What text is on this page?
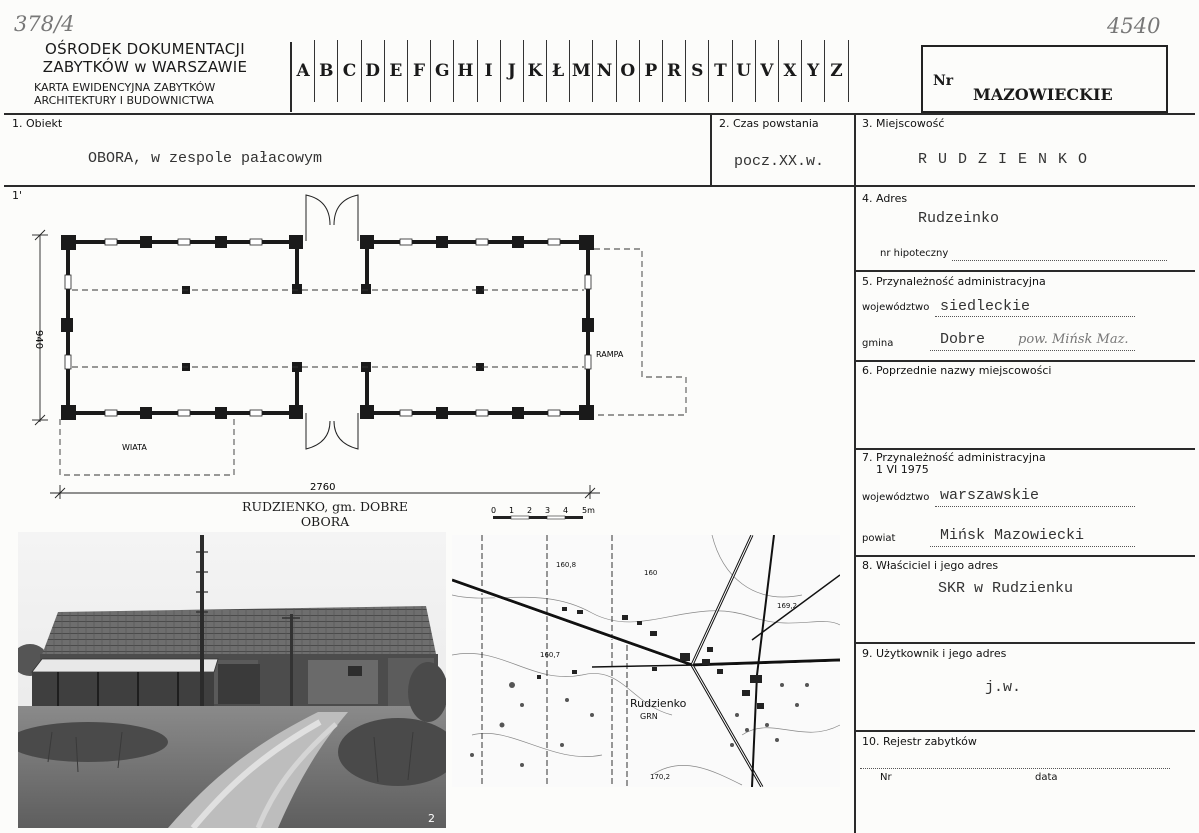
378/4	4540
OŚRODEK DOKUMENTACJI
ZABYTKÓW w WARSZAWIE
KARTA EWIDENCYJNA ZABYTKÓW
ARCHITEKTURY I BUDOWNICTWA
A B C D E F G H I J K Ł M N O P R S T U V X Y Z	Nr
MAZOWIECKIE
1. Obiekt
OBORA, w zespole pałacowym
2. Czas powstania
pocz.XX.w.
3. Miejscowość
RUDZIENKO
1'	4. Adres
Rudzeinko
nr hipoteczny
5. Przynależność administracyjna
województwo siedleckie
gmina	Dobre	pow. Mińsk Maz.
6. Poprzednie nazwy miejscowości
7. Przynależność administracyjna
1 VI 1975
województwo warszawskie
powiat	Mińsk Mazowiecki
8. Właściciel i jego adres
SKR w Rudzienku
9. Użytkownik i jego adres
j.w.
10. Rejestr zabytków
Nr	data
940
2760
RAMPA
WIATA
RUDZIENKO, gm. DOBRE
OBORA
0 1 2 3 4 5m
2
160,8
160
169,2
160,7
Rudzienko
GRN
170,2
